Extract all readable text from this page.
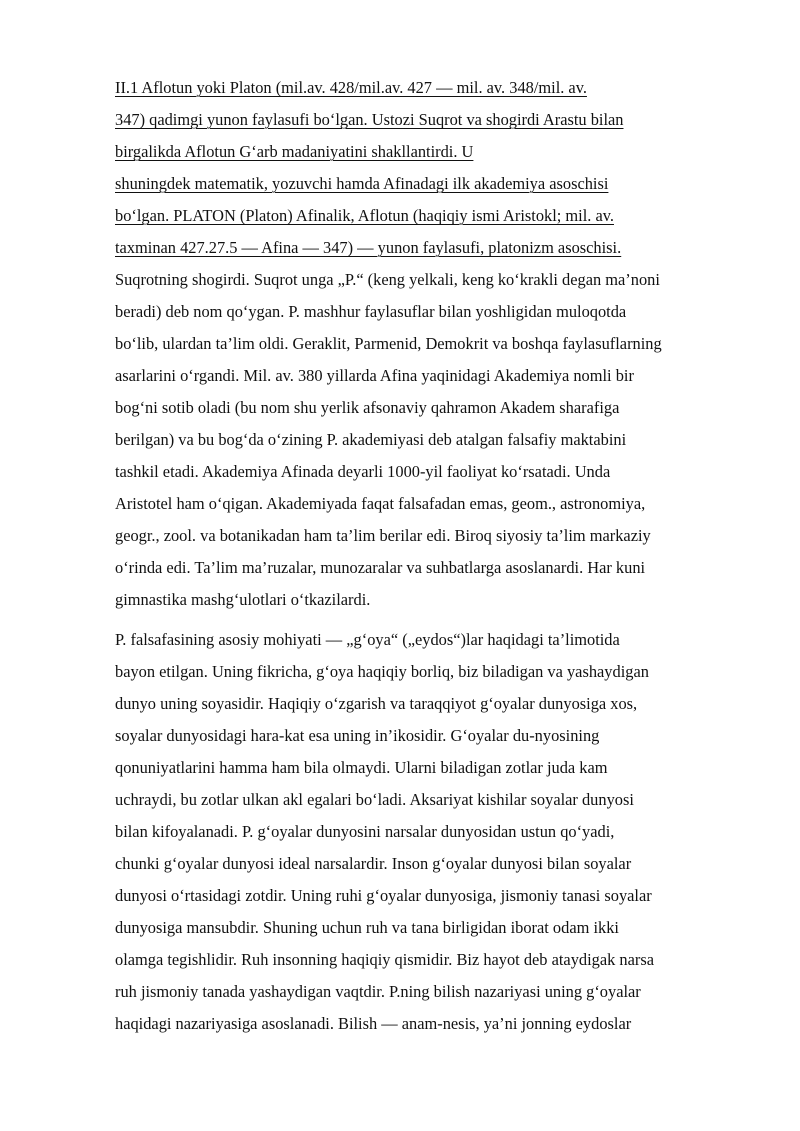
II.1 Aflotun yoki Platon (mil.av. 428/mil.av. 427 — mil. av. 348/mil. av.
347) qadimgi yunon faylasufi bo‘lgan. Ustozi Suqrot va shogirdi Arastu bilan
birgalikda Aflotun G‘arb madaniyatini shakllantirdi. U
shuningdek matematik, yozuvchi hamda Afinadagi ilk akademiya asoschisi
bo‘lgan. PLATON (Platon) Afinalik, Aflotun (haqiqiy ismi Aristokl; mil. av.
taxminan 427.27.5 — Afina — 347) — yunon faylasufi, platonizm asoschisi.

Suqrotning shogirdi. Suqrot unga „P.“ (keng yelkali, keng ko‘krakli degan ma’noni
beradi) deb nom qo‘ygan. P. mashhur faylasuflar bilan yoshligidan muloqotda
bo‘lib, ulardan ta’lim oldi. Geraklit, Parmenid, Demokrit va boshqa faylasuflarning
asarlarini o‘rgandi. Mil. av. 380 yillarda Afina yaqinidagi Akademiya nomli bir
bog‘ni sotib oladi (bu nom shu yerlik afsonaviy qahramon Akadem sharafiga
berilgan) va bu bog‘da o‘zining P. akademiyasi deb atalgan falsafiy maktabini
tashkil etadi. Akademiya Afinada deyarli 1000-yil faoliyat ko‘rsatadi. Unda
Aristotel ham o‘qigan. Akademiyada faqat falsafadan emas, geom., astronomiya,
geogr., zool. va botanikadan ham ta’lim berilar edi. Biroq siyosiy ta’lim markaziy
o‘rinda edi. Ta’lim ma’ruzalar, munozaralar va suhbatlarga asoslanardi. Har kuni
gimnastika mashg‘ulotlari o‘tkazilardi.

P. falsafasining asosiy mohiyati — „g‘oya“ („eydos“)lar haqidagi ta’limotida
bayon etilgan. Uning fikricha, g‘oya haqiqiy borliq, biz biladigan va yashaydigan
dunyo uning soyasidir. Haqiqiy o‘zgarish va taraqqiyot g‘oyalar dunyosiga xos,
soyalar dunyosidagi hara-kat esa uning in’ikosidir. G‘oyalar du-nyosining
qonuniyatlarini hamma ham bila olmaydi. Ularni biladigan zotlar juda kam
uchraydi, bu zotlar ulkan akl egalari bo‘ladi. Aksariyat kishilar soyalar dunyosi
bilan kifoyalanadi. P. g‘oyalar dunyosini narsalar dunyosidan ustun qo‘yadi,
chunki g‘oyalar dunyosi ideal narsalardir. Inson g‘oyalar dunyosi bilan soyalar
dunyosi o‘rtasidagi zotdir. Uning ruhi g‘oyalar dunyosiga, jismoniy tanasi soyalar
dunyosiga mansubdir. Shuning uchun ruh va tana birligidan iborat odam ikki
olamga tegishlidir. Ruh insonning haqiqiy qismidir. Biz hayot deb ataydigak narsa
ruh jismoniy tanada yashaydigan vaqtdir. P.ning bilish nazariyasi uning g‘oyalar
haqidagi nazariyasiga asoslanadi. Bilish — anam-nesis, ya’ni jonning eydoslar
